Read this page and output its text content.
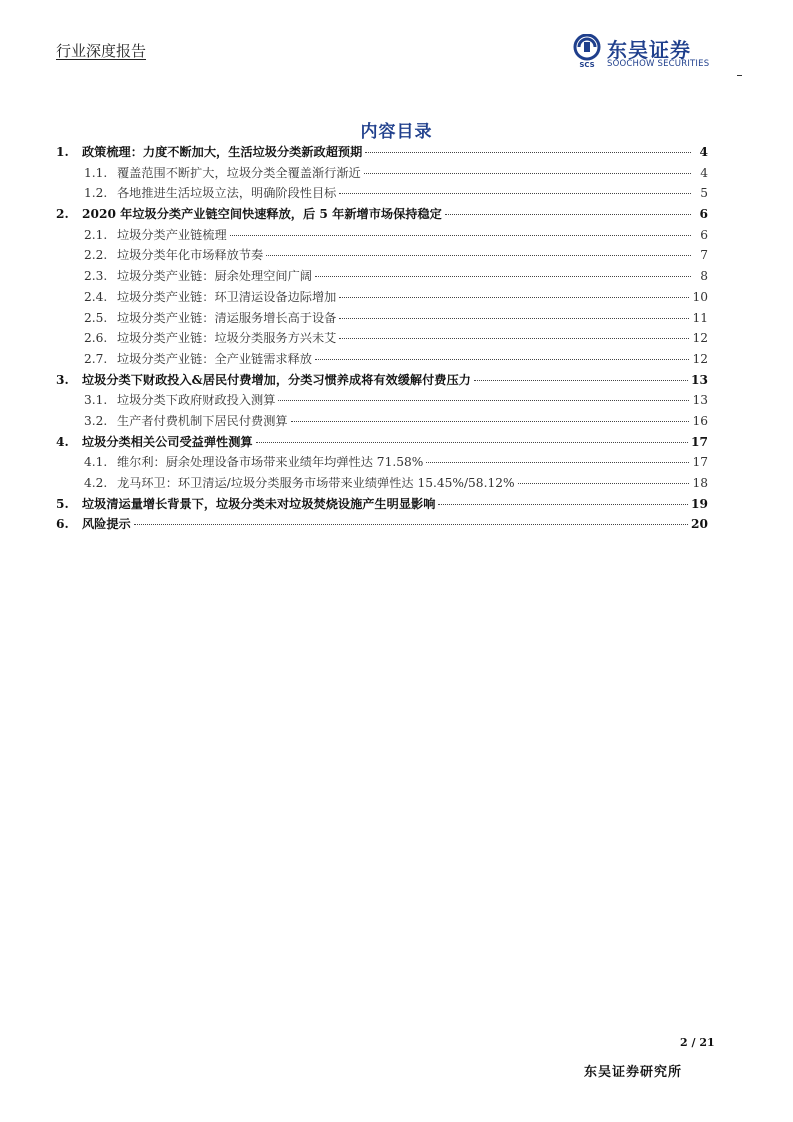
行业深度报告
SCS
东吴证券
SOOCHOW SECURITIES
内容目录
1.	政策梳理：力度不断加大，生活垃圾分类新政超预期	4
1.1. 覆盖范围不断扩大，垃圾分类全覆盖渐行渐近	4
1.2. 各地推进生活垃圾立法，明确阶段性目标	5
2.	2020 年垃圾分类产业链空间快速释放，后 5 年新增市场保持稳定	6
2.1. 垃圾分类产业链梳理	6
2.2. 垃圾分类年化市场释放节奏	7
2.3. 垃圾分类产业链：厨余处理空间广阔	8
2.4. 垃圾分类产业链：环卫清运设备边际增加	10
2.5. 垃圾分类产业链：清运服务增长高于设备	11
2.6. 垃圾分类产业链：垃圾分类服务方兴未艾	12
2.7. 垃圾分类产业链：全产业链需求释放	12
3.	垃圾分类下财政投入&居民付费增加，分类习惯养成将有效缓解付费压力	13
3.1. 垃圾分类下政府财政投入测算	13
3.2. 生产者付费机制下居民付费测算	16
4.	垃圾分类相关公司受益弹性测算	17
4.1. 维尔利：厨余处理设备市场带来业绩年均弹性达 71.58%	17
4.2. 龙马环卫：环卫清运/垃圾分类服务市场带来业绩弹性达 15.45%/58.12%	18
5.	垃圾清运量增长背景下，垃圾分类未对垃圾焚烧设施产生明显影响	19
6.	风险提示	20
2 / 21
东吴证券研究所
